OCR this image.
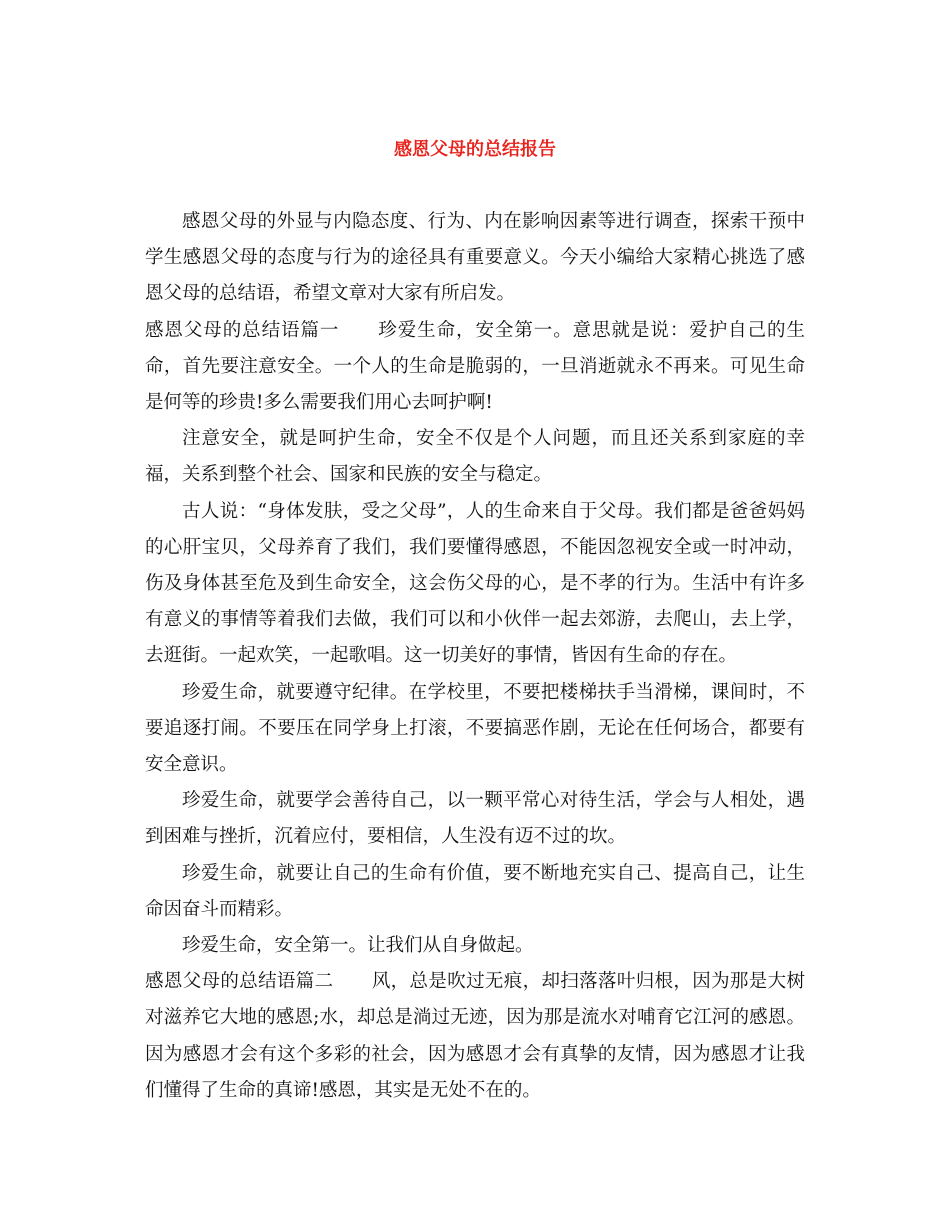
感恩父母的总结报告

感恩父母的外显与内隐态度、行为、内在影响因素等进行调查，探索干预中学生感恩父母的态度与行为的途径具有重要意义。今天小编给大家精心挑选了感恩父母的总结语，希望文章对大家有所启发。

感恩父母的总结语篇一 珍爱生命，安全第一。意思就是说：爱护自己的生命，首先要注意安全。一个人的生命是脆弱的，一旦消逝就永不再来。可见生命是何等的珍贵!多么需要我们用心去呵护啊!

注意安全，就是呵护生命，安全不仅是个人问题，而且还关系到家庭的幸福，关系到整个社会、国家和民族的安全与稳定。

古人说：“身体发肤，受之父母”，人的生命来自于父母。我们都是爸爸妈妈的心肝宝贝，父母养育了我们，我们要懂得感恩，不能因忽视安全或一时冲动，伤及身体甚至危及到生命安全，这会伤父母的心，是不孝的行为。生活中有许多有意义的事情等着我们去做，我们可以和小伙伴一起去郊游，去爬山，去上学，去逛街。一起欢笑，一起歌唱。这一切美好的事情，皆因有生命的存在。

珍爱生命，就要遵守纪律。在学校里，不要把楼梯扶手当滑梯，课间时，不要追逐打闹。不要压在同学身上打滚，不要搞恶作剧，无论在任何场合，都要有安全意识。

珍爱生命，就要学会善待自己，以一颗平常心对待生活，学会与人相处，遇到困难与挫折，沉着应付，要相信，人生没有迈不过的坎。

珍爱生命，就要让自己的生命有价值，要不断地充实自己、提高自己，让生命因奋斗而精彩。

珍爱生命，安全第一。让我们从自身做起。

感恩父母的总结语篇二 风，总是吹过无痕，却扫落落叶归根，因为那是大树对滋养它大地的感恩;水，却总是淌过无迹，因为那是流水对哺育它江河的感恩。因为感恩才会有这个多彩的社会，因为感恩才会有真挚的友情，因为感恩才让我们懂得了生命的真谛!感恩，其实是无处不在的。
